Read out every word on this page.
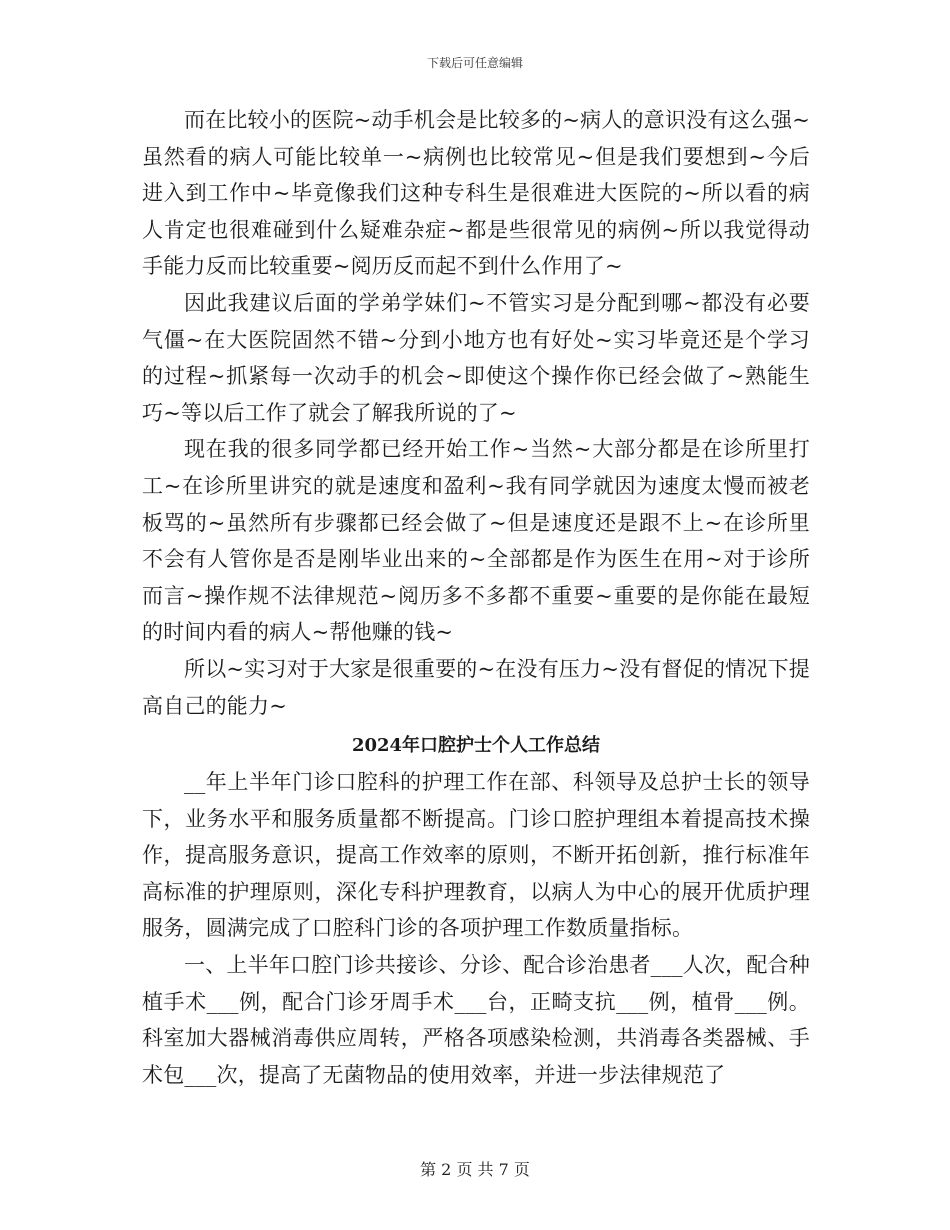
下载后可任意编辑

而在比较小的医院~动手机会是比较多的~病人的意识没有这么强~虽然看的病人可能比较单一~病例也比较常见~但是我们要想到~今后进入到工作中~毕竟像我们这种专科生是很难进大医院的~所以看的病人肯定也很难碰到什么疑难杂症~都是些很常见的病例~所以我觉得动手能力反而比较重要~阅历反而起不到什么作用了~

因此我建议后面的学弟学妹们~不管实习是分配到哪~都没有必要气僵~在大医院固然不错~分到小地方也有好处~实习毕竟还是个学习的过程~抓紧每一次动手的机会~即使这个操作你已经会做了~熟能生巧~等以后工作了就会了解我所说的了~

现在我的很多同学都已经开始工作~当然~大部分都是在诊所里打工~在诊所里讲究的就是速度和盈利~我有同学就因为速度太慢而被老板骂的~虽然所有步骤都已经会做了~但是速度还是跟不上~在诊所里不会有人管你是否是刚毕业出来的~全部都是作为医生在用~对于诊所而言~操作规不法律规范~阅历多不多都不重要~重要的是你能在最短的时间内看的病人~帮他赚的钱~

所以~实习对于大家是很重要的~在没有压力~没有督促的情况下提高自己的能力~

2024年口腔护士个人工作总结

__年上半年门诊口腔科的护理工作在部、科领导及总护士长的领导下，业务水平和服务质量都不断提高。门诊口腔护理组本着提高技术操作，提高服务意识，提高工作效率的原则，不断开拓创新，推行标准年高标准的护理原则，深化专科护理教育，以病人为中心的展开优质护理服务，圆满完成了口腔科门诊的各项护理工作数质量指标。

一、上半年口腔门诊共接诊、分诊、配合诊治患者___人次，配合种植手术___例，配合门诊牙周手术___台，正畸支抗___例，植骨___例。科室加大器械消毒供应周转，严格各项感染检测，共消毒各类器械、手术包___次，提高了无菌物品的使用效率，并进一步法律规范了

第 2 页 共 7 页
